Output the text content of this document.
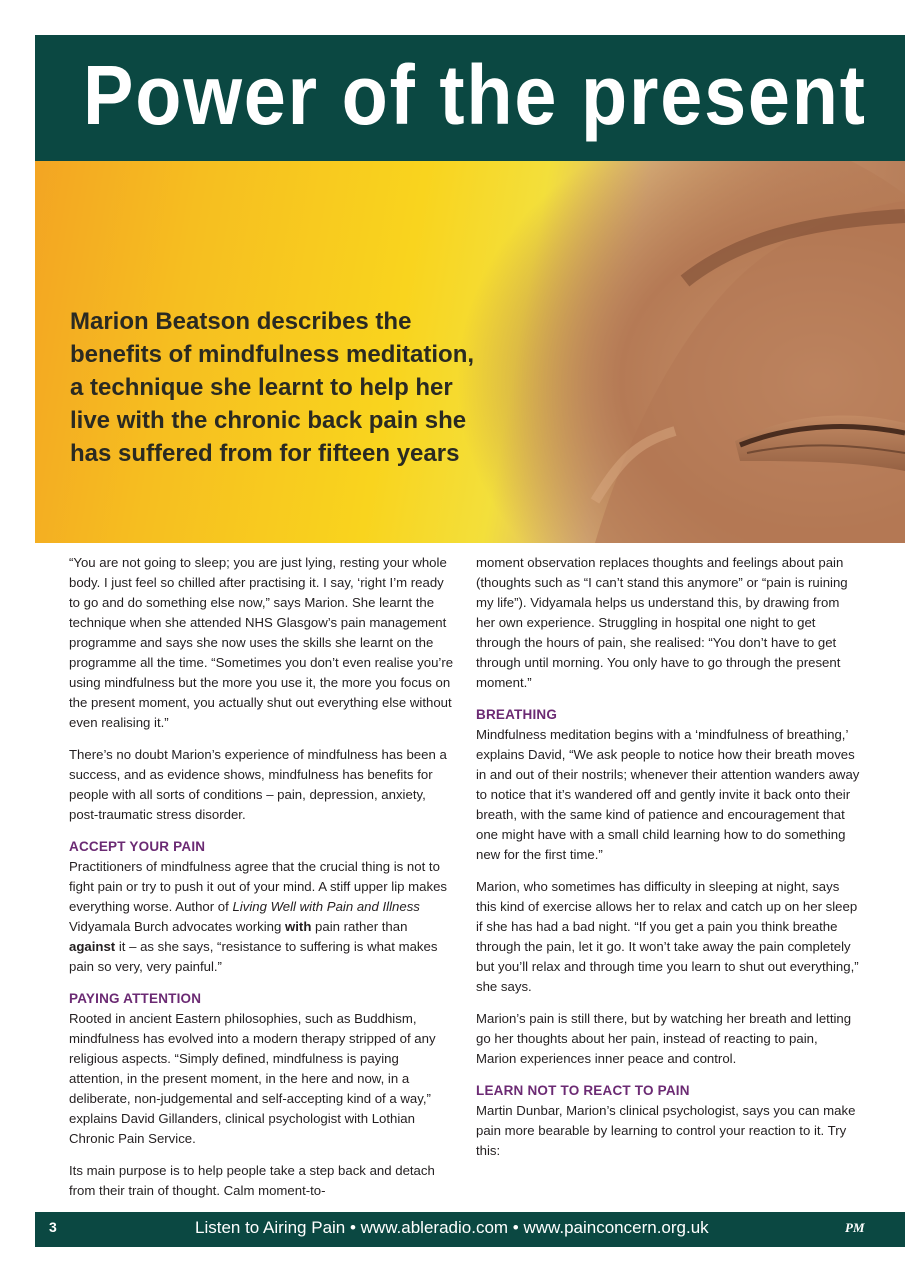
Power of the present

Marion Beatson describes the benefits of mindfulness meditation, a technique she learnt to help her live with the chronic back pain she has suffered from for fifteen years

“You are not going to sleep; you are just lying, resting your whole body. I just feel so chilled after practising it. I say, ‘right I’m ready to go and do something else now,” says Marion. She learnt the technique when she attended NHS Glasgow’s pain management programme and says she now uses the skills she learnt on the programme all the time. “Sometimes you don’t even realise you’re using mindfulness but the more you use it, the more you focus on the present moment, you actually shut out everything else without even realising it.”

There’s no doubt Marion’s experience of mindfulness has been a success, and as evidence shows, mindfulness has benefits for people with all sorts of conditions – pain, depression, anxiety, post-traumatic stress disorder.

ACCEPT YOUR PAIN

Practitioners of mindfulness agree that the crucial thing is not to fight pain or try to push it out of your mind. A stiff upper lip makes everything worse. Author of Living Well with Pain and Illness Vidyamala Burch advocates working with pain rather than against it – as she says, “resistance to suffering is what makes pain so very, very painful.”

PAYING ATTENTION

Rooted in ancient Eastern philosophies, such as Buddhism, mindfulness has evolved into a modern therapy stripped of any religious aspects. “Simply defined, mindfulness is paying attention, in the present moment, in the here and now, in a deliberate, non-judgemental and self-accepting kind of a way,” explains David Gillanders, clinical psychologist with Lothian Chronic Pain Service.

Its main purpose is to help people take a step back and detach from their train of thought. Calm moment-to-

moment observation replaces thoughts and feelings about pain (thoughts such as “I can’t stand this anymore” or “pain is ruining my life”). Vidyamala helps us understand this, by drawing from her own experience. Struggling in hospital one night to get through the hours of pain, she realised: “You don’t have to get through until morning. You only have to go through the present moment.”

BREATHING

Mindfulness meditation begins with a ‘mindfulness of breathing,’ explains David, “We ask people to notice how their breath moves in and out of their nostrils; whenever their attention wanders away to notice that it’s wandered off and gently invite it back onto their breath, with the same kind of patience and encouragement that one might have with a small child learning how to do something new for the first time.”

Marion, who sometimes has difficulty in sleeping at night, says this kind of exercise allows her to relax and catch up on her sleep if she has had a bad night. “If you get a pain you think breathe through the pain, let it go. It won’t take away the pain completely but you’ll relax and through time you learn to shut out everything,” she says.

Marion’s pain is still there, but by watching her breath and letting go her thoughts about her pain, instead of reacting to pain, Marion experiences inner peace and control.

LEARN NOT TO REACT TO PAIN

Martin Dunbar, Marion’s clinical psychologist, says you can make pain more bearable by learning to control your reaction to it. Try this:

3	Listen to Airing Pain • www.ableradio.com • www.painconcern.org.uk	PM
